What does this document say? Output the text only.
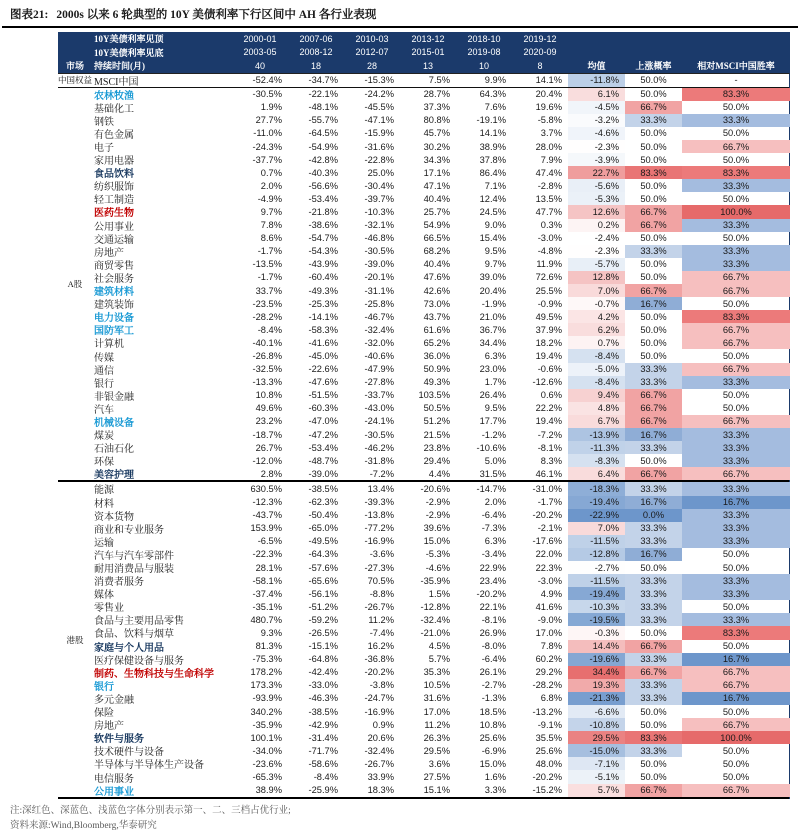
图表21: 2000s 以来 6 轮典型的 10Y 美债利率下行区间中 AH 各行业表现
10Y美债利率见顶	2000-01	2007-06	2010-03	2013-12	2018-10	2019-12
10Y美债利率见底	2003-05	2008-12	2012-07	2015-01	2019-08	2020-09
市场	持续时间(月)	40	18	28	13	10	8	均值	上涨概率	相对MSCI中国胜率
中国权益 MSCI中国	-52.4%	-34.7%	-15.3%	7.5%	9.9%	14.1%	-11.8%	50.0%	-
A股
农林牧渔	-30.5%	-22.1%	-24.2%	28.7%	64.3%	20.4%	6.1%	50.0%	83.3%
基础化工	1.9%	-48.1%	-45.5%	37.3%	7.6%	19.6%	-4.5%	66.7%	50.0%
钢铁	27.7%	-55.7%	-47.1%	80.8%	-19.1%	-5.8%	-3.2%	33.3%	33.3%
有色金属	-11.0%	-64.5%	-15.9%	45.7%	14.1%	3.7%	-4.6%	50.0%	50.0%
电子	-24.3%	-54.9%	-31.6%	30.2%	38.9%	28.0%	-2.3%	50.0%	66.7%
家用电器	-37.7%	-42.8%	-22.8%	34.3%	37.8%	7.9%	-3.9%	50.0%	50.0%
食品饮料	0.7%	-40.3%	25.0%	17.1%	86.4%	47.4%	22.7%	83.3%	83.3%
纺织服饰	2.0%	-56.6%	-30.4%	47.1%	7.1%	-2.8%	-5.6%	50.0%	33.3%
轻工制造	-4.9%	-53.4%	-39.7%	40.4%	12.4%	13.5%	-5.3%	50.0%	50.0%
医药生物	9.7%	-21.8%	-10.3%	25.7%	24.5%	47.7%	12.6%	66.7%	100.0%
公用事业	7.8%	-38.6%	-32.1%	54.9%	9.0%	0.3%	0.2%	66.7%	33.3%
交通运输	8.6%	-54.7%	-46.8%	66.5%	15.4%	-3.0%	-2.4%	50.0%	50.0%
房地产	-1.7%	-54.3%	-30.5%	68.2%	9.5%	-4.8%	-2.3%	33.3%	33.3%
商贸零售	-13.5%	-43.9%	-39.0%	40.4%	9.7%	11.9%	-5.7%	50.0%	33.3%
社会服务	-1.7%	-60.4%	-20.1%	47.6%	39.0%	72.6%	12.8%	50.0%	66.7%
建筑材料	33.7%	-49.3%	-31.1%	42.6%	20.4%	25.5%	7.0%	66.7%	66.7%
建筑装饰	-23.5%	-25.3%	-25.8%	73.0%	-1.9%	-0.9%	-0.7%	16.7%	50.0%
电力设备	-28.2%	-14.1%	-46.7%	43.7%	21.0%	49.5%	4.2%	50.0%	83.3%
国防军工	-8.4%	-58.3%	-32.4%	61.6%	36.7%	37.9%	6.2%	50.0%	66.7%
计算机	-40.1%	-41.6%	-32.0%	65.2%	34.4%	18.2%	0.7%	50.0%	66.7%
传媒	-26.8%	-45.0%	-40.6%	36.0%	6.3%	19.4%	-8.4%	50.0%	50.0%
通信	-32.5%	-22.6%	-47.9%	50.9%	23.0%	-0.6%	-5.0%	33.3%	66.7%
银行	-13.3%	-47.6%	-27.8%	49.3%	1.7%	-12.6%	-8.4%	33.3%	33.3%
非银金融	10.8%	-51.5%	-33.7%	103.5%	26.4%	0.6%	9.4%	66.7%	50.0%
汽车	49.6%	-60.3%	-43.0%	50.5%	9.5%	22.2%	4.8%	66.7%	50.0%
机械设备	23.2%	-47.0%	-24.1%	51.2%	17.7%	19.4%	6.7%	66.7%	66.7%
煤炭	-18.7%	-47.2%	-30.5%	21.5%	-1.2%	-7.2%	-13.9%	16.7%	33.3%
石油石化	26.7%	-53.4%	-46.2%	23.8%	-10.6%	-8.1%	-11.3%	33.3%	33.3%
环保	-12.0%	-48.7%	-31.8%	29.4%	5.0%	8.3%	-8.3%	50.0%	33.3%
美容护理	2.8%	-39.0%	-7.2%	4.4%	31.5%	46.1%	6.4%	66.7%	66.7%
港股
能源	630.5%	-38.5%	13.4%	-20.6%	-14.7%	-31.0%	-18.3%	33.3%	33.3%
材料	-12.3%	-62.3%	-39.3%	-2.9%	2.0%	-1.7%	-19.4%	16.7%	16.7%
资本货物	-43.7%	-50.4%	-13.8%	-2.9%	-6.4%	-20.2%	-22.9%	0.0%	33.3%
商业和专业服务	153.9%	-65.0%	-77.2%	39.6%	-7.3%	-2.1%	7.0%	33.3%	33.3%
运输	-6.5%	-49.5%	-16.9%	15.0%	6.3%	-17.6%	-11.5%	33.3%	33.3%
汽车与汽车零部件	-22.3%	-64.3%	-3.6%	-5.3%	-3.4%	22.0%	-12.8%	16.7%	50.0%
耐用消费品与服装	28.1%	-57.6%	-27.3%	-4.6%	22.9%	22.3%	-2.7%	50.0%	50.0%
消费者服务	-58.1%	-65.6%	70.5%	-35.9%	23.4%	-3.0%	-11.5%	33.3%	33.3%
媒体	-37.4%	-56.1%	-8.8%	1.5%	-20.2%	4.9%	-19.4%	33.3%	33.3%
零售业	-35.1%	-51.2%	-26.7%	-12.8%	22.1%	41.6%	-10.3%	33.3%	50.0%
食品与主要用品零售	480.7%	-59.2%	11.2%	-32.4%	-8.1%	-9.0%	-19.5%	33.3%	33.3%
食品、饮料与烟草	9.3%	-26.5%	-7.4%	-21.0%	26.9%	17.0%	-0.3%	50.0%	83.3%
家庭与个人用品	81.3%	-15.1%	16.2%	4.5%	-8.0%	7.8%	14.4%	66.7%	50.0%
医疗保健设备与服务	-75.3%	-64.8%	-36.8%	5.7%	-6.4%	60.2%	-19.6%	33.3%	16.7%
制药、生物科技与生命科学	178.2%	-42.4%	-20.2%	35.3%	26.1%	29.2%	34.4%	66.7%	66.7%
银行	173.3%	-33.0%	-3.8%	10.5%	-2.7%	-28.2%	19.3%	33.3%	66.7%
多元金融	-93.9%	-46.3%	-24.7%	31.6%	-1.3%	6.8%	-21.3%	33.3%	16.7%
保险	340.2%	-38.5%	-16.9%	17.0%	18.5%	-13.2%	-6.6%	50.0%	50.0%
房地产	-35.9%	-42.9%	0.9%	11.2%	10.8%	-9.1%	-10.8%	50.0%	66.7%
软件与服务	100.1%	-31.4%	20.6%	26.3%	25.6%	35.5%	29.5%	83.3%	100.0%
技术硬件与设备	-34.0%	-71.7%	-32.4%	29.5%	-6.9%	25.6%	-15.0%	33.3%	50.0%
半导体与半导体生产设备	-23.6%	-58.6%	-26.7%	3.6%	15.0%	48.0%	-7.1%	50.0%	50.0%
电信服务	-65.3%	-8.4%	33.9%	27.5%	1.6%	-20.2%	-5.1%	50.0%	50.0%
公用事业	38.9%	-25.9%	18.3%	15.1%	3.3%	-15.2%	5.7%	66.7%	66.7%
注:深红色、深蓝色、浅蓝色字体分别表示第一、二、三档占优行业;
资料来源:Wind,Bloomberg,华泰研究
